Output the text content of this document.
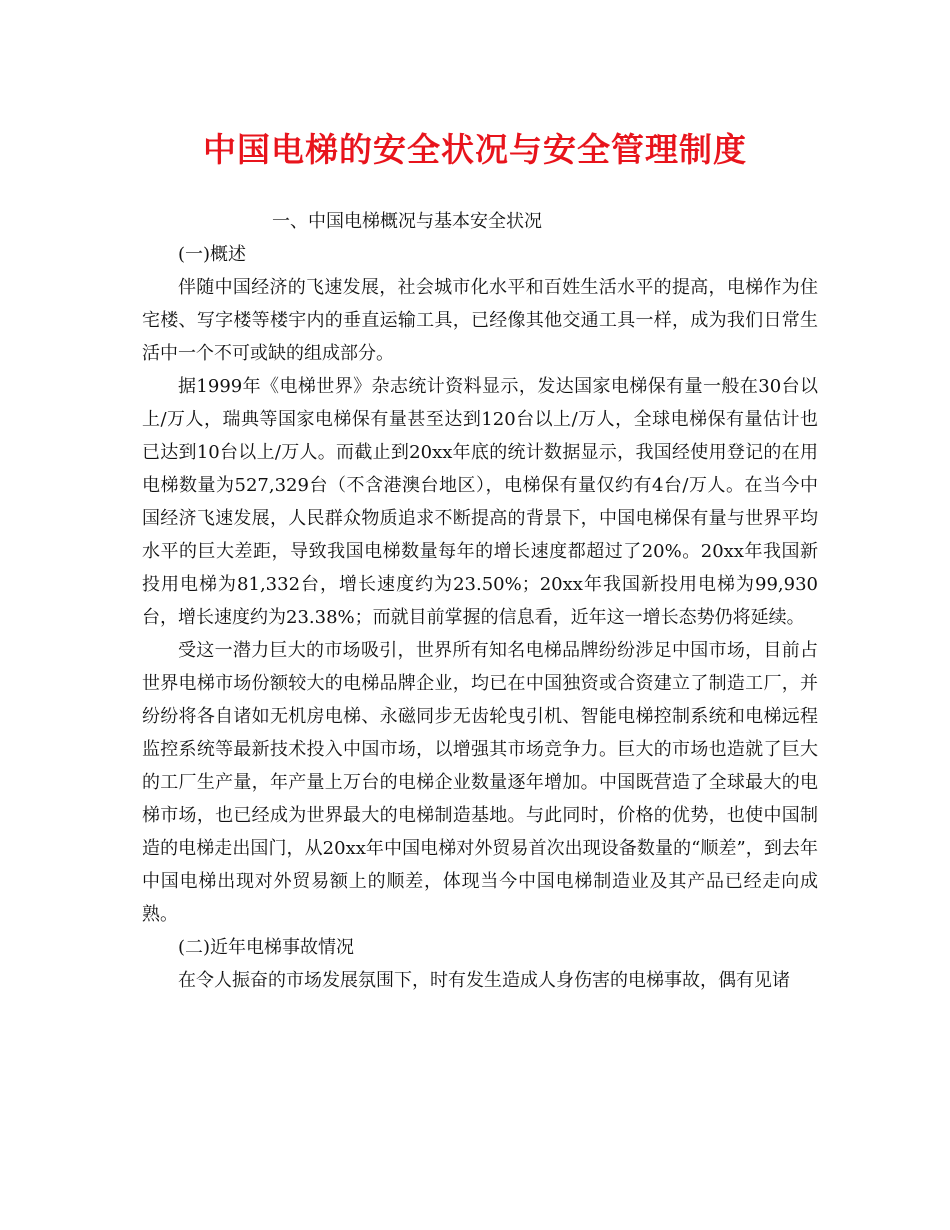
中国电梯的安全状况与安全管理制度

一、中国电梯概况与基本安全状况

(一)概述

伴随中国经济的飞速发展，社会城市化水平和百姓生活水平的提高，电梯作为住宅楼、写字楼等楼宇内的垂直运输工具，已经像其他交通工具一样，成为我们日常生活中一个不可或缺的组成部分。

据1999年《电梯世界》杂志统计资料显示，发达国家电梯保有量一般在30台以上/万人，瑞典等国家电梯保有量甚至达到120台以上/万人，全球电梯保有量估计也已达到10台以上/万人。而截止到20xx年底的统计数据显示，我国经使用登记的在用电梯数量为527,329台（不含港澳台地区），电梯保有量仅约有4台/万人。在当今中国经济飞速发展，人民群众物质追求不断提高的背景下，中国电梯保有量与世界平均水平的巨大差距，导致我国电梯数量每年的增长速度都超过了20%。20xx年我国新投用电梯为81,332台，增长速度约为23.50%；20xx年我国新投用电梯为99,930台，增长速度约为23.38%；而就目前掌握的信息看，近年这一增长态势仍将延续。

受这一潜力巨大的市场吸引，世界所有知名电梯品牌纷纷涉足中国市场，目前占世界电梯市场份额较大的电梯品牌企业，均已在中国独资或合资建立了制造工厂，并纷纷将各自诸如无机房电梯、永磁同步无齿轮曳引机、智能电梯控制系统和电梯远程监控系统等最新技术投入中国市场，以增强其市场竞争力。巨大的市场也造就了巨大的工厂生产量，年产量上万台的电梯企业数量逐年增加。中国既营造了全球最大的电梯市场，也已经成为世界最大的电梯制造基地。与此同时，价格的优势，也使中国制造的电梯走出国门，从20xx年中国电梯对外贸易首次出现设备数量的“顺差”，到去年中国电梯出现对外贸易额上的顺差，体现当今中国电梯制造业及其产品已经走向成熟。

(二)近年电梯事故情况

在令人振奋的市场发展氛围下，时有发生造成人身伤害的电梯事故，偶有见诸
